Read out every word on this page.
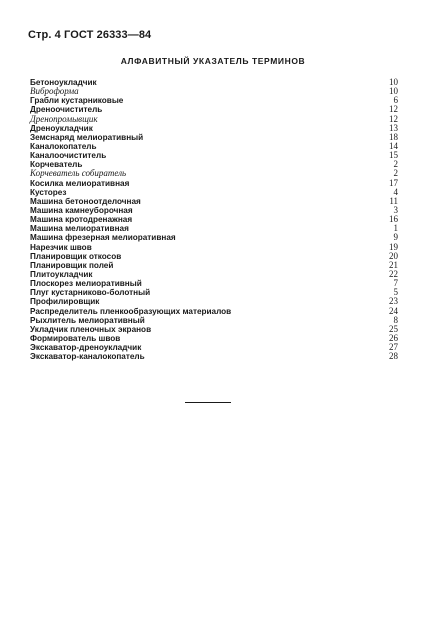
Стр. 4 ГОСТ 26333—84
АЛФАВИТНЫЙ УКАЗАТЕЛЬ ТЕРМИНОВ
Бетоноукладчик	10
Виброформа	10
Грабли кустарниковые	6
Дреноочиститель	12
Дренопромывщик	12
Дреноукладчик	13
Земснаряд мелиоративный	18
Каналокопатель	14
Каналоочиститель	15
Корчеватель	2
Корчеватель собиратель	2
Косилка мелиоративная	17
Кусторез	4
Машина бетоноотделочная	11
Машина камнеуборочная	3
Машина кротодренажная	16
Машина мелиоративная	1
Машина фрезерная мелиоративная	9
Нарезчик швов	19
Планировщик откосов	20
Планировщик полей	21
Плитоукладчик	22
Плоскорез мелиоративный	7
Плуг кустарниково-болотный	5
Профилировщик	23
Распределитель пленкообразующих материалов	24
Рыхлитель мелиоративный	8
Укладчик пленочных экранов	25
Формирователь швов	26
Экскаватор-дреноукладчик	27
Экскаватор-каналокопатель	28
